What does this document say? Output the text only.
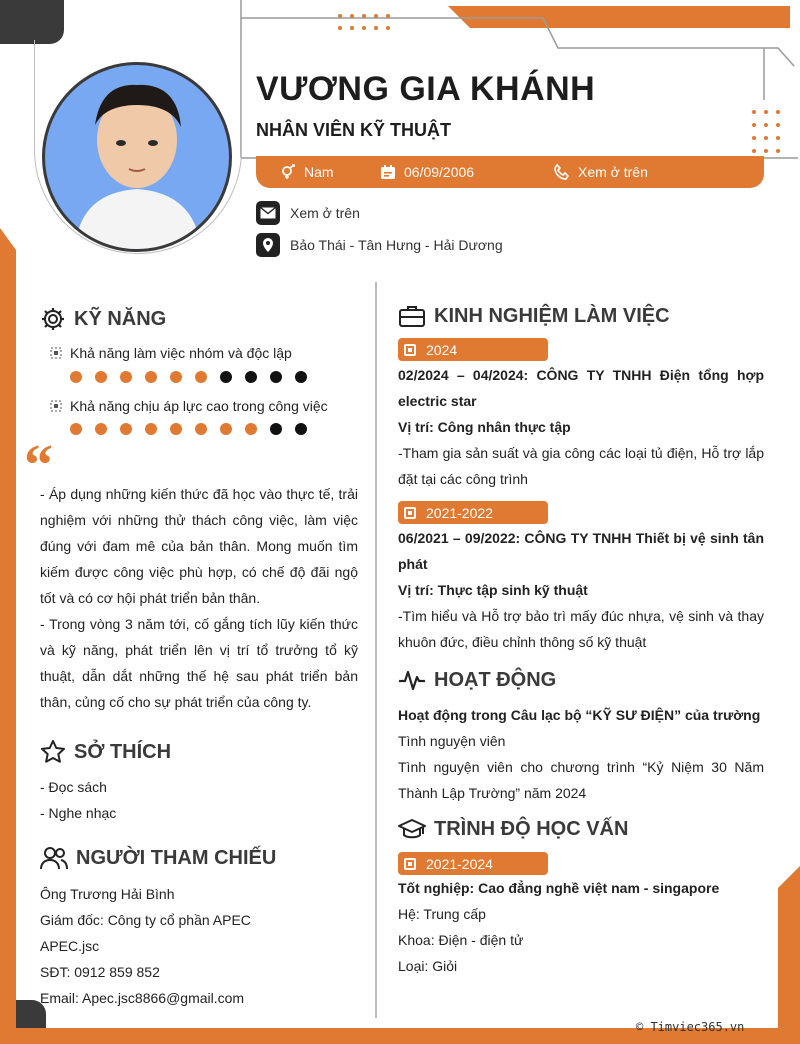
VƯƠNG GIA KHÁNH
NHÂN VIÊN KỸ THUẬT
Nam	06/09/2006	Xem ở trên
Xem ở trên
Bảo Thái - Tân Hưng - Hải Dương
KỸ NĂNG
Khả năng làm việc nhóm và độc lập
Khả năng chịu áp lực cao trong công việc
“

- Áp dụng những kiến thức đã học vào thực tế, trải nghiệm với những thử thách công việc, làm việc đúng với đam mê của bản thân. Mong muốn tìm kiếm được công việc phù hợp, có chế độ đãi ngộ tốt và có cơ hội phát triển bản thân.

- Trong vòng 3 năm tới, cố gắng tích lũy kiến thức và kỹ năng, phát triển lên vị trí tổ trưởng tổ kỹ thuật, dẫn dắt những thế hệ sau phát triển bản thân, củng cố cho sự phát triển của công ty.

SỞ THÍCH
- Đọc sách
- Nghe nhạc
NGƯỜI THAM CHIẾU
Ông Trương Hải Bình
Giám đốc: Công ty cổ phần APEC
APEC.jsc
SĐT: 0912 859 852
Email: Apec.jsc8866@gmail.com
KINH NGHIỆM LÀM VIỆC
2024
02/2024 – 04/2024: CÔNG TY TNHH Điện tổng hợp electric star
Vị trí: Công nhân thực tập
-Tham gia sản suất và gia công các loại tủ điện, Hỗ trợ lắp đặt tại các công trình
2021-2022
06/2021 – 09/2022: CÔNG TY TNHH Thiết bị vệ sinh tân phát
Vị trí: Thực tập sinh kỹ thuật
-Tìm hiểu và Hỗ trợ bảo trì mấy đúc nhựa, vệ sinh và thay khuôn đức, điều chỉnh thông số kỹ thuật
HOẠT ĐỘNG
Hoạt động trong Câu lạc bộ “KỸ SƯ ĐIỆN” của trường
Tình nguyện viên
Tình nguyện viên cho chương trình “Kỷ Niệm 30 Năm Thành Lập Trường” năm 2024
TRÌNH ĐỘ HỌC VẤN
2021-2024
Tốt nghiệp: Cao đẳng nghề việt nam - singapore
Hệ: Trung cấp
Khoa: Điện - điện tử
Loại: Giỏi
© Timviec365.vn
